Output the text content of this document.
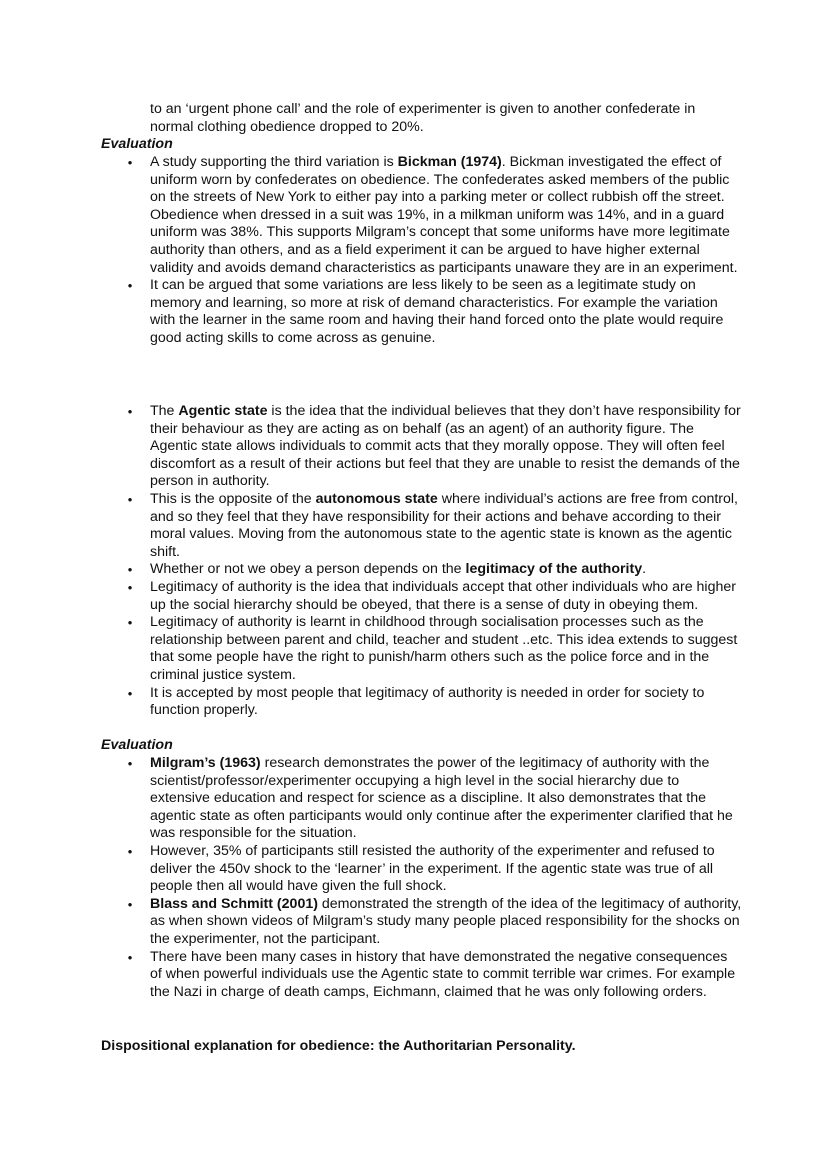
to an ‘urgent phone call’ and the role of experimenter is given to another confederate in normal clothing obedience dropped to 20%.
Evaluation
• A study supporting the third variation is Bickman (1974). Bickman investigated the effect of uniform worn by confederates on obedience. The confederates asked members of the public on the streets of New York to either pay into a parking meter or collect rubbish off the street. Obedience when dressed in a suit was 19%, in a milkman uniform was 14%, and in a guard uniform was 38%. This supports Milgram’s concept that some uniforms have more legitimate authority than others, and as a field experiment it can be argued to have higher external validity and avoids demand characteristics as participants unaware they are in an experiment.
• It can be argued that some variations are less likely to be seen as a legitimate study on memory and learning, so more at risk of demand characteristics. For example the variation with the learner in the same room and having their hand forced onto the plate would require good acting skills to come across as genuine.
• The Agentic state is the idea that the individual believes that they don’t have responsibility for their behaviour as they are acting as on behalf (as an agent) of an authority figure. The Agentic state allows individuals to commit acts that they morally oppose. They will often feel discomfort as a result of their actions but feel that they are unable to resist the demands of the person in authority.
• This is the opposite of the autonomous state where individual’s actions are free from control, and so they feel that they have responsibility for their actions and behave according to their moral values. Moving from the autonomous state to the agentic state is known as the agentic shift.
• Whether or not we obey a person depends on the legitimacy of the authority.
• Legitimacy of authority is the idea that individuals accept that other individuals who are higher up the social hierarchy should be obeyed, that there is a sense of duty in obeying them.
• Legitimacy of authority is learnt in childhood through socialisation processes such as the relationship between parent and child, teacher and student ..etc. This idea extends to suggest that some people have the right to punish/harm others such as the police force and in the criminal justice system.
• It is accepted by most people that legitimacy of authority is needed in order for society to function properly.
Evaluation
• Milgram’s (1963) research demonstrates the power of the legitimacy of authority with the scientist/professor/experimenter occupying a high level in the social hierarchy due to extensive education and respect for science as a discipline. It also demonstrates that the agentic state as often participants would only continue after the experimenter clarified that he was responsible for the situation.
• However, 35% of participants still resisted the authority of the experimenter and refused to deliver the 450v shock to the ‘learner’ in the experiment. If the agentic state was true of all people then all would have given the full shock.
• Blass and Schmitt (2001) demonstrated the strength of the idea of the legitimacy of authority, as when shown videos of Milgram’s study many people placed responsibility for the shocks on the experimenter, not the participant.
• There have been many cases in history that have demonstrated the negative consequences of when powerful individuals use the Agentic state to commit terrible war crimes. For example the Nazi in charge of death camps, Eichmann, claimed that he was only following orders.
Dispositional explanation for obedience: the Authoritarian Personality.
